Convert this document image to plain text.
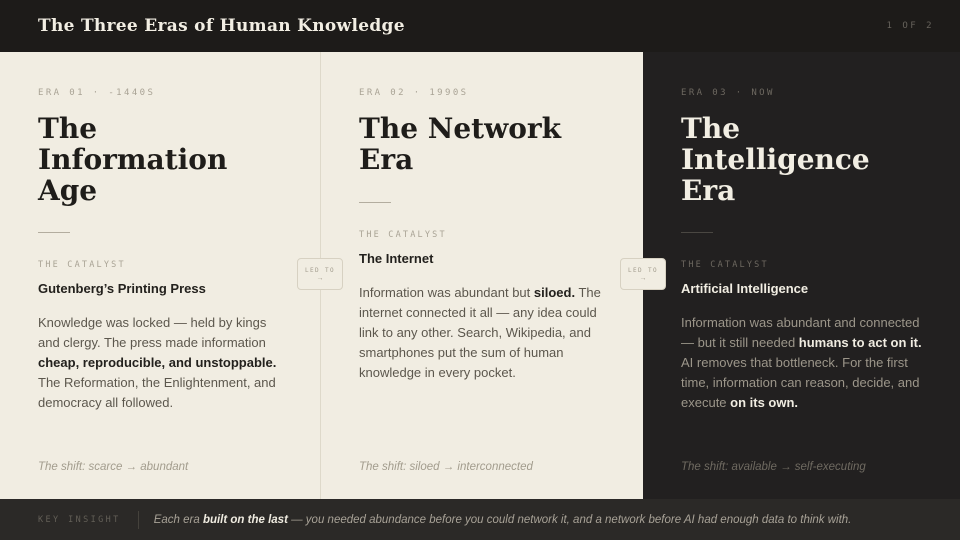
The Three Eras of Human Knowledge	1 OF 2
ERA 01 · -1440S
The Information Age
THE CATALYST
Gutenberg’s Printing Press
Knowledge was locked — held by kings and clergy. The press made information cheap, reproducible, and unstoppable. The Reformation, the Enlightenment, and democracy all followed.
The shift: scarce → abundant
ERA 02 · 1990S
The Network Era
THE CATALYST
The Internet
Information was abundant but siloed. The internet connected it all — any idea could link to any other. Search, Wikipedia, and smartphones put the sum of human knowledge in every pocket.
The shift: siloed → interconnected
ERA 03 · NOW
The Intelligence Era
THE CATALYST
Artificial Intelligence
Information was abundant and connected — but it still needed humans to act on it. AI removes that bottleneck. For the first time, information can reason, decide, and execute on its own.
The shift: available → self-executing
LED TO
→
LED TO
→
KEY INSIGHT	Each era built on the last — you needed abundance before you could network it, and a network before AI had enough data to think with.
